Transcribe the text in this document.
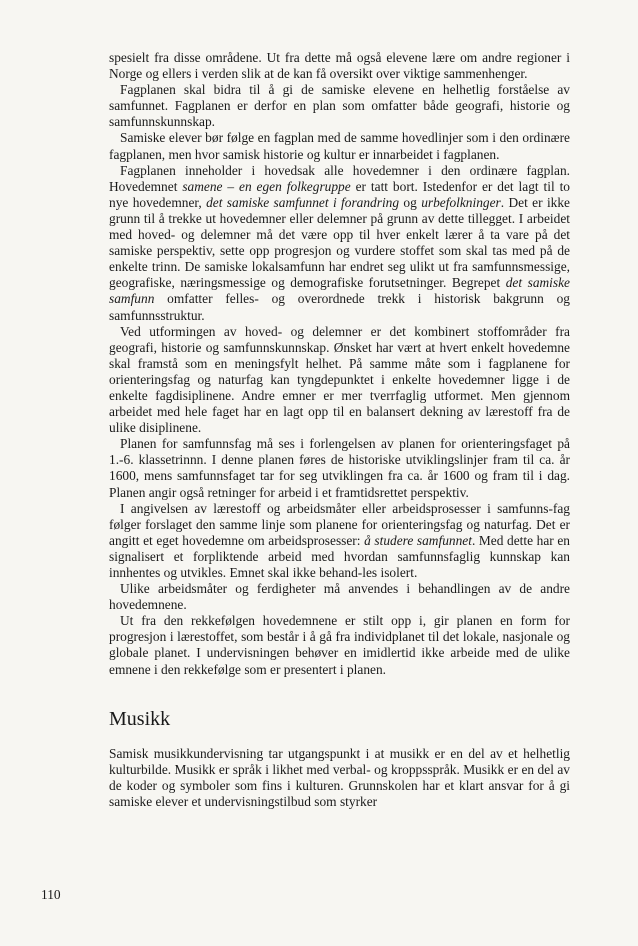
spesielt fra disse områdene. Ut fra dette må også elevene lære om andre regioner i Norge og ellers i verden slik at de kan få oversikt over viktige sammenhenger.

Fagplanen skal bidra til å gi de samiske elevene en helhetlig forståelse av samfunnet. Fagplanen er derfor en plan som omfatter både geografi, historie og samfunnskunnskap.

Samiske elever bør følge en fagplan med de samme hovedlinjer som i den ordinære fagplanen, men hvor samisk historie og kultur er innarbeidet i fagplanen.

Fagplanen inneholder i hovedsak alle hovedemner i den ordinære fagplan. Hovedemnet samene – en egen folkegruppe er tatt bort. Istedenfor er det lagt til to nye hovedemner, det samiske samfunnet i forandring og urbefolkninger. Det er ikke grunn til å trekke ut hovedemner eller delemner på grunn av dette tillegget. I arbeidet med hoved- og delemner må det være opp til hver enkelt lærer å ta vare på det samiske perspektiv, sette opp progresjon og vurdere stoffet som skal tas med på de enkelte trinn. De samiske lokalsamfunn har endret seg ulikt ut fra samfunnsmessige, geografiske, næringsmessige og demografiske forutsetninger. Begrepet det samiske samfunn omfatter felles- og overordnede trekk i historisk bakgrunn og samfunnsstruktur.

Ved utformingen av hoved- og delemner er det kombinert stoffområder fra geografi, historie og samfunnskunnskap. Ønsket har vært at hvert enkelt hovedemne skal framstå som en meningsfylt helhet. På samme måte som i fagplanene for orienteringsfag og naturfag kan tyngdepunktet i enkelte hovedemner ligge i de enkelte fagdisiplinene. Andre emner er mer tverrfaglig utformet. Men gjennom arbeidet med hele faget har en lagt opp til en balansert dekning av lærestoff fra de ulike disiplinene.

Planen for samfunnsfag må ses i forlengelsen av planen for orienteringsfaget på 1.-6. klassetrinnn. I denne planen føres de historiske utviklingslinjer fram til ca. år 1600, mens samfunnsfaget tar for seg utviklingen fra ca. år 1600 og fram til i dag. Planen angir også retninger for arbeid i et framtidsrettet perspektiv.

I angivelsen av lærestoff og arbeidsmåter eller arbeidsprosesser i samfunns-fag følger forslaget den samme linje som planene for orienteringsfag og naturfag. Det er angitt et eget hovedemne om arbeidsprosesser: å studere samfunnet. Med dette har en signalisert et forpliktende arbeid med hvordan samfunnsfaglig kunnskap kan innhentes og utvikles. Emnet skal ikke behand-les isolert.

Ulike arbeidsmåter og ferdigheter må anvendes i behandlingen av de andre hovedemnene.

Ut fra den rekkefølgen hovedemnene er stilt opp i, gir planen en form for progresjon i lærestoffet, som består i å gå fra individplanet til det lokale, nasjonale og globale planet. I undervisningen behøver en imidlertid ikke arbeide med de ulike emnene i den rekkefølge som er presentert i planen.

Musikk

Samisk musikkundervisning tar utgangspunkt i at musikk er en del av et helhetlig kulturbilde. Musikk er språk i likhet med verbal- og kroppsspråk. Musikk er en del av de koder og symboler som fins i kulturen. Grunnskolen har et klart ansvar for å gi samiske elever et undervisningstilbud som styrker

110
